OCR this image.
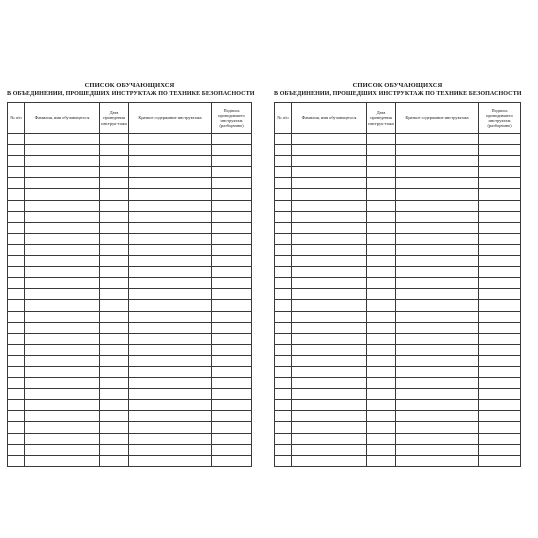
СПИСОК ОБУЧАЮЩИХСЯ
В ОБЪЕДИНЕНИИ, ПРОШЕДШИХ ИНСТРУКТАЖ ПО ТЕХНИКЕ БЕЗОПАСНОСТИ
№ п/п	Фамилия, имя обучающегося	Дата проведения инструк-тажа	Краткое содержание инструктажа	Подпись проводившего инструктаж (разборчиво)

СПИСОК ОБУЧАЮЩИХСЯ
В ОБЪЕДИНЕНИИ, ПРОШЕДШИХ ИНСТРУКТАЖ ПО ТЕХНИКЕ БЕЗОПАСНОСТИ
№ п/п	Фамилия, имя обучающегося	Дата проведения инструк-тажа	Краткое содержание инструктажа	Подпись проводившего инструктаж (разборчиво)
